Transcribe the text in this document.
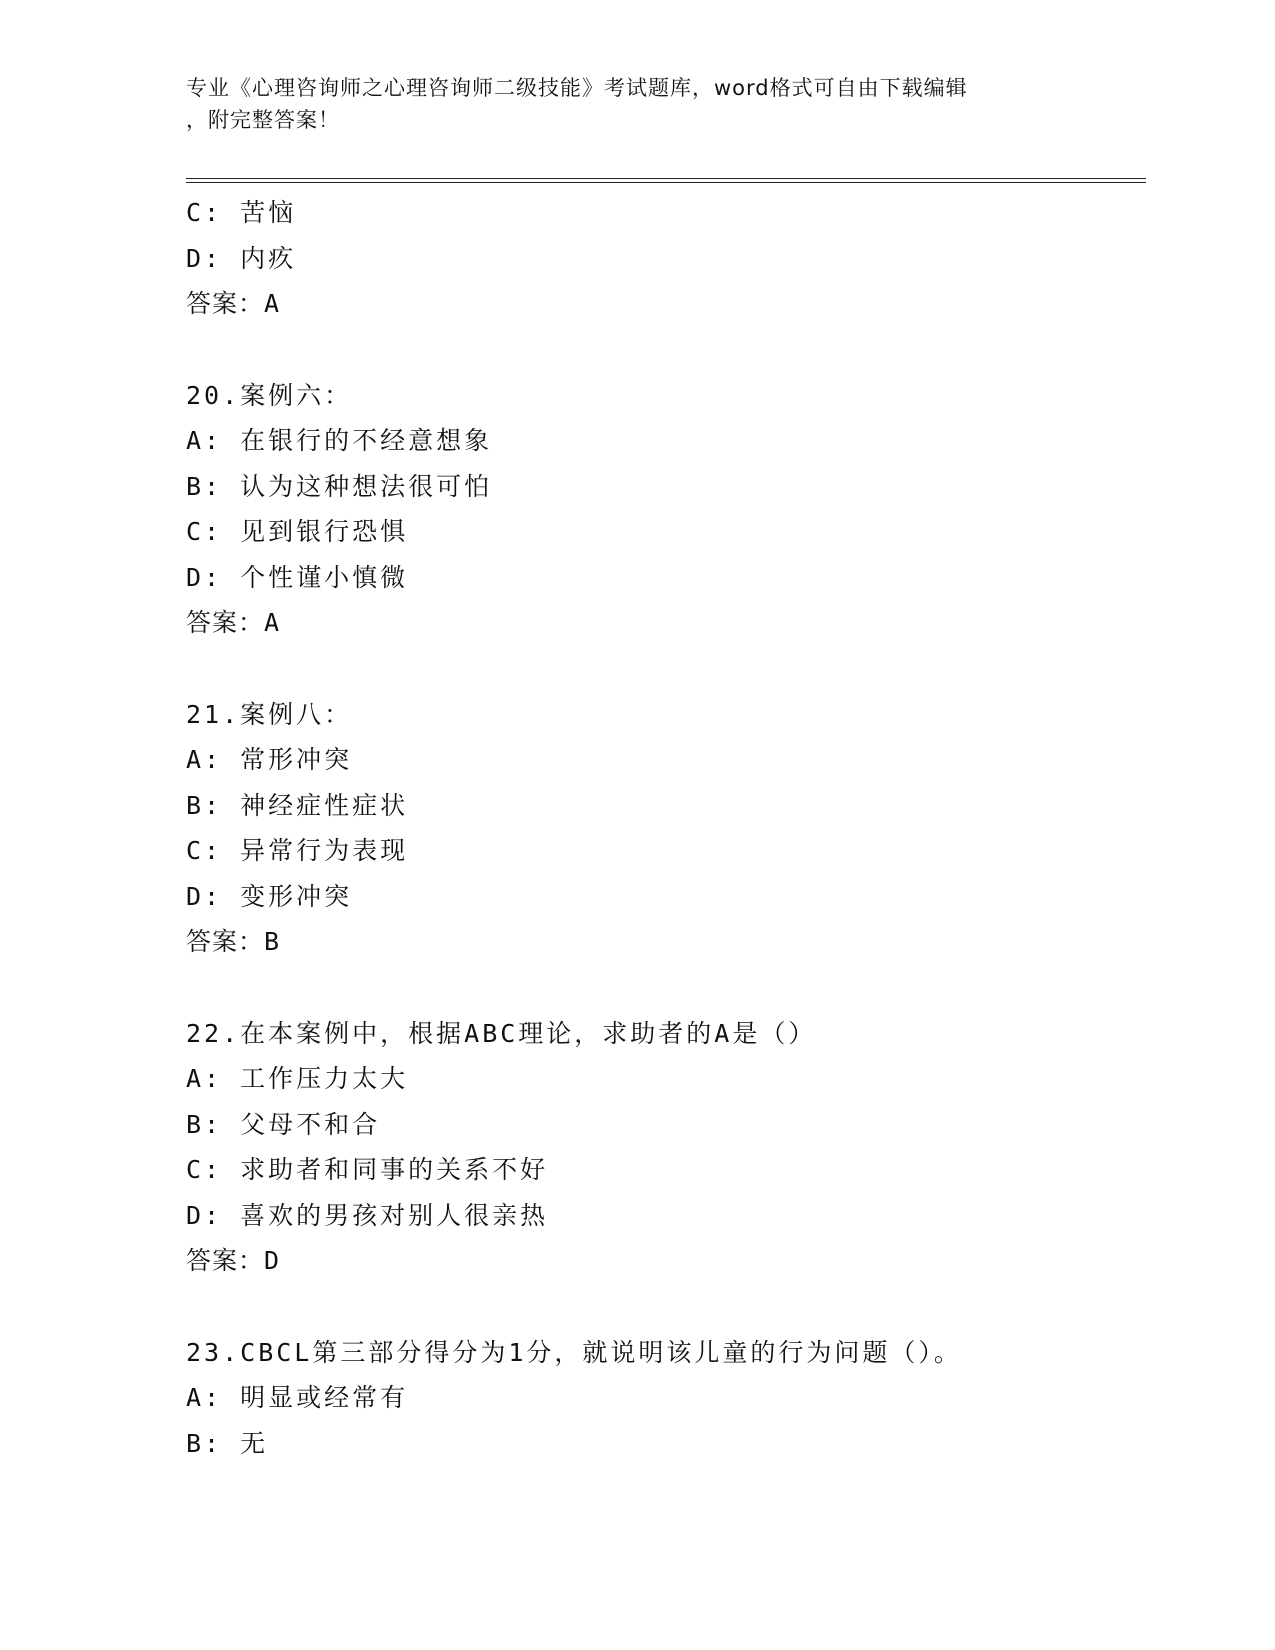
专业《心理咨询师之心理咨询师二级技能》考试题库，word格式可自由下载编辑
，附完整答案！
C: 苦恼
D: 内疚
答案：A
20.案例六：
A: 在银行的不经意想象
B: 认为这种想法很可怕
C: 见到银行恐惧
D: 个性谨小慎微
答案：A
21.案例八：
A: 常形冲突
B: 神经症性症状
C: 异常行为表现
D: 变形冲突
答案：B
22.在本案例中，根据ABC理论，求助者的A是（）
A: 工作压力太大
B: 父母不和合
C: 求助者和同事的关系不好
D: 喜欢的男孩对别人很亲热
答案：D
23.CBCL第三部分得分为1分，就说明该儿童的行为问题（）。
A: 明显或经常有
B: 无
